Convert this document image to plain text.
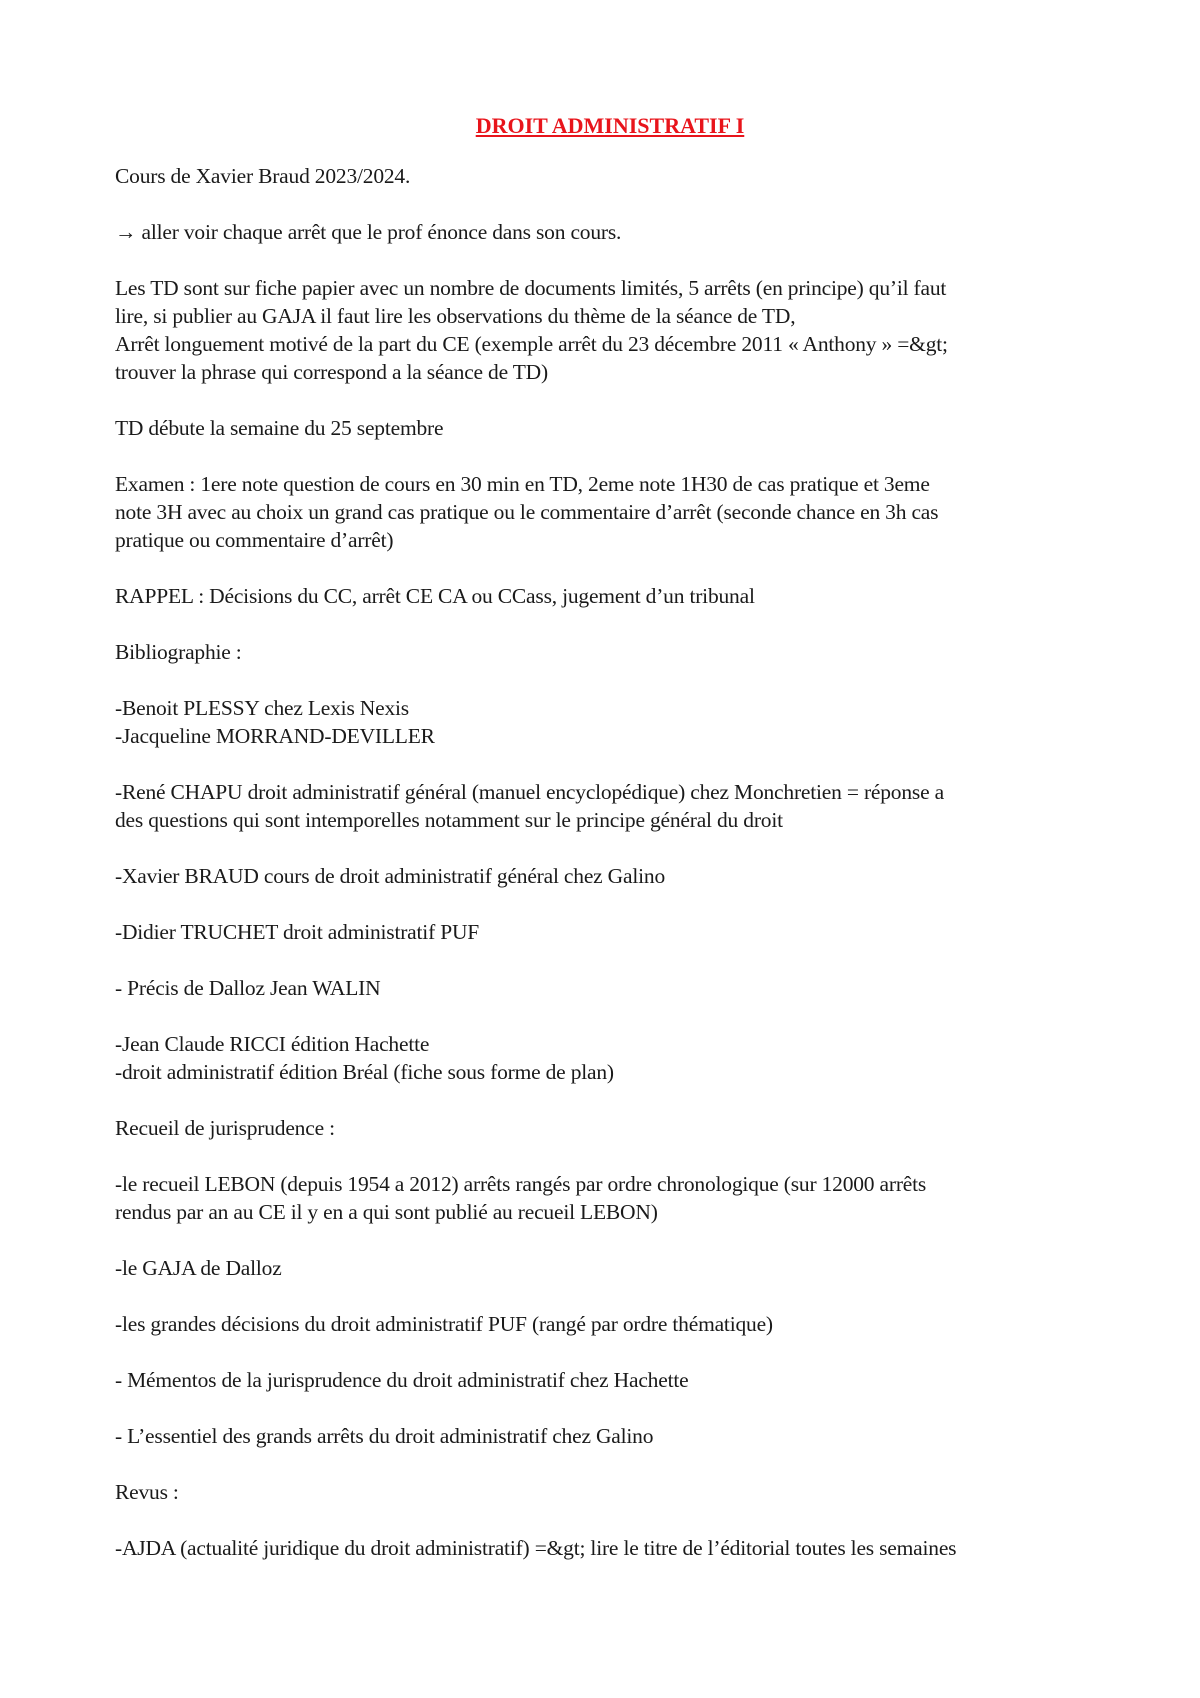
DROIT ADMINISTRATIF I
Cours de Xavier Braud 2023/2024.
→ aller voir chaque arrêt que le prof énonce dans son cours.
Les TD sont sur fiche papier avec un nombre de documents limités, 5 arrêts (en principe) qu’il faut
lire, si publier au GAJA il faut lire les observations du thème de la séance de TD,
Arrêt longuement motivé de la part du CE (exemple arrêt du 23 décembre 2011 « Anthony » =&gt;
trouver la phrase qui correspond a la séance de TD)
TD débute la semaine du 25 septembre
Examen : 1ere note question de cours en 30 min en TD, 2eme note 1H30 de cas pratique et 3eme
note 3H avec au choix un grand cas pratique ou le commentaire d’arrêt (seconde chance en 3h cas
pratique ou commentaire d’arrêt)
RAPPEL : Décisions du CC, arrêt CE CA ou CCass, jugement d’un tribunal
Bibliographie :
-Benoit PLESSY chez Lexis Nexis
-Jacqueline MORRAND-DEVILLER
-René CHAPU droit administratif général (manuel encyclopédique) chez Monchretien = réponse a
des questions qui sont intemporelles notamment sur le principe général du droit
-Xavier BRAUD cours de droit administratif général chez Galino
-Didier TRUCHET droit administratif PUF
- Précis de Dalloz Jean WALIN
-Jean Claude RICCI édition Hachette
-droit administratif édition Bréal (fiche sous forme de plan)
Recueil de jurisprudence :
-le recueil LEBON (depuis 1954 a 2012) arrêts rangés par ordre chronologique (sur 12000 arrêts
rendus par an au CE il y en a qui sont publié au recueil LEBON)
-le GAJA de Dalloz
-les grandes décisions du droit administratif PUF (rangé par ordre thématique)
- Mémentos de la jurisprudence du droit administratif chez Hachette
- L’essentiel des grands arrêts du droit administratif chez Galino
Revus :
-AJDA (actualité juridique du droit administratif) =&gt; lire le titre de l’éditorial toutes les semaines
